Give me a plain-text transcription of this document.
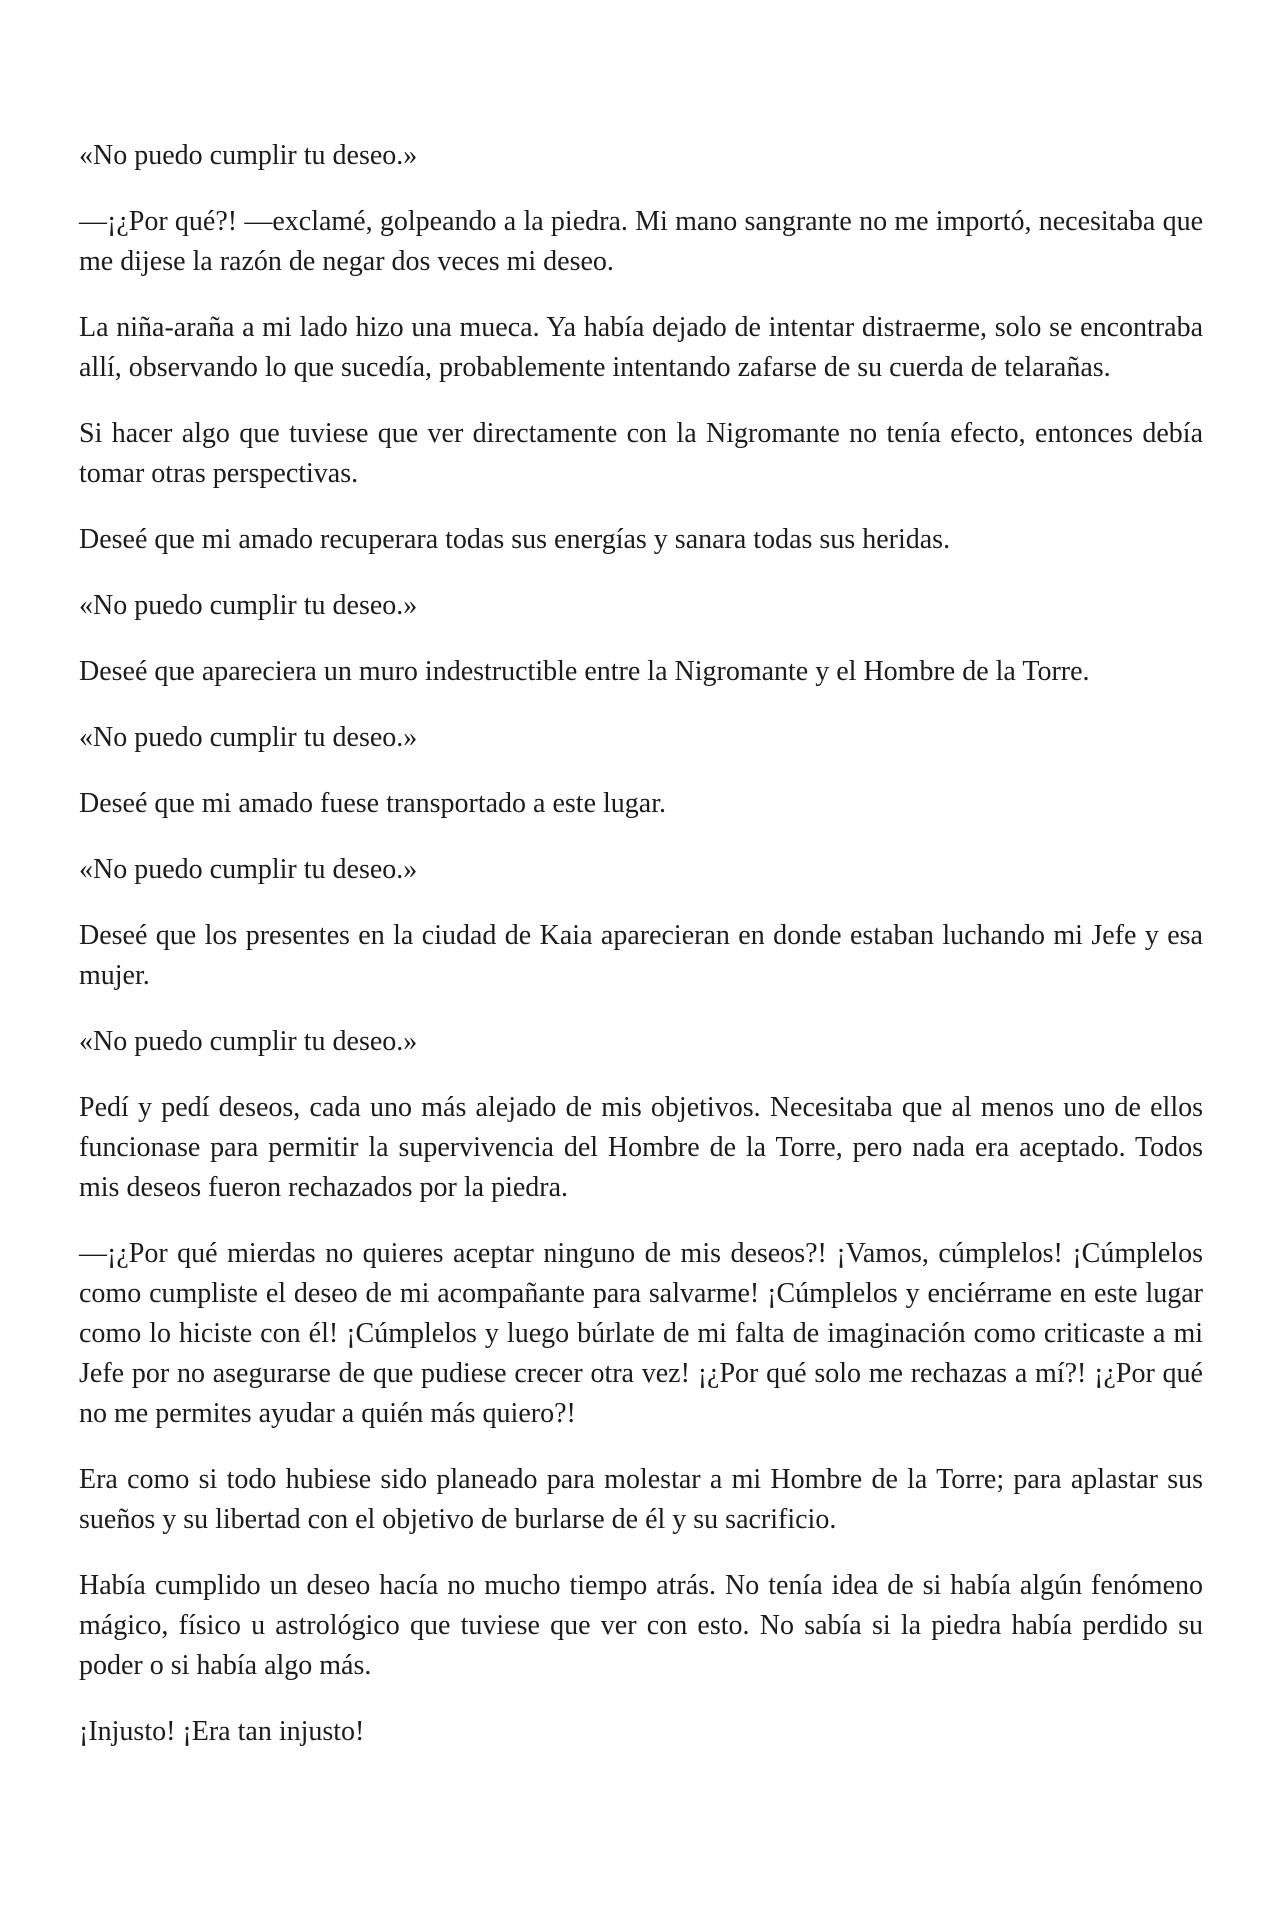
«No puedo cumplir tu deseo.»

—¡¿Por qué?! —exclamé, golpeando a la piedra. Mi mano sangrante no me importó, necesitaba que me dijese la razón de negar dos veces mi deseo.

La niña-araña a mi lado hizo una mueca. Ya había dejado de intentar distraerme, solo se encontraba allí, observando lo que sucedía, probablemente intentando zafarse de su cuerda de telarañas.

Si hacer algo que tuviese que ver directamente con la Nigromante no tenía efecto, entonces debía tomar otras perspectivas.

Deseé que mi amado recuperara todas sus energías y sanara todas sus heridas.

«No puedo cumplir tu deseo.»

Deseé que apareciera un muro indestructible entre la Nigromante y el Hombre de la Torre.

«No puedo cumplir tu deseo.»

Deseé que mi amado fuese transportado a este lugar.

«No puedo cumplir tu deseo.»

Deseé que los presentes en la ciudad de Kaia aparecieran en donde estaban luchando mi Jefe y esa mujer.

«No puedo cumplir tu deseo.»

Pedí y pedí deseos, cada uno más alejado de mis objetivos. Necesitaba que al menos uno de ellos funcionase para permitir la supervivencia del Hombre de la Torre, pero nada era aceptado. Todos mis deseos fueron rechazados por la piedra.

—¡¿Por qué mierdas no quieres aceptar ninguno de mis deseos?! ¡Vamos, cúmplelos! ¡Cúmplelos como cumpliste el deseo de mi acompañante para salvarme! ¡Cúmplelos y enciérrame en este lugar como lo hiciste con él! ¡Cúmplelos y luego búrlate de mi falta de imaginación como criticaste a mi Jefe por no asegurarse de que pudiese crecer otra vez! ¡¿Por qué solo me rechazas a mí?! ¡¿Por qué no me permites ayudar a quién más quiero?!

Era como si todo hubiese sido planeado para molestar a mi Hombre de la Torre; para aplastar sus sueños y su libertad con el objetivo de burlarse de él y su sacrificio.

Había cumplido un deseo hacía no mucho tiempo atrás. No tenía idea de si había algún fenómeno mágico, físico u astrológico que tuviese que ver con esto. No sabía si la piedra había perdido su poder o si había algo más.

¡Injusto! ¡Era tan injusto!
